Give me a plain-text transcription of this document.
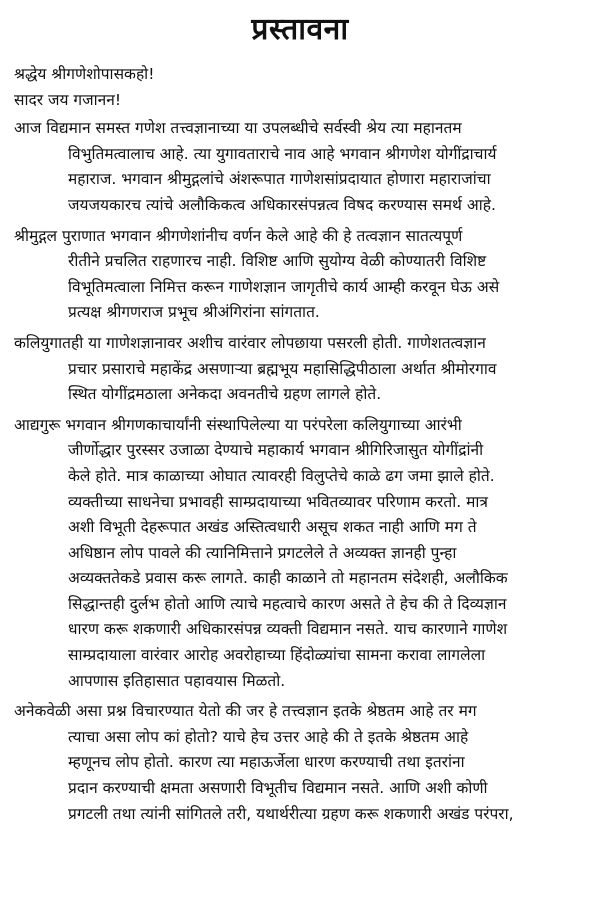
प्रस्तावना
श्रद्धेय श्रीगणेशोपासकहो!
सादर जय गजानन!
आज विद्यमान समस्त गणेश तत्त्वज्ञानाच्या या उपलब्धीचे सर्वस्वी श्रेय त्या महानतम
विभुतिमत्वालाच आहे. त्या युगावताराचे नाव आहे भगवान श्रीगणेश योगींद्राचार्य
महाराज. भगवान श्रीमुद्गलांचे अंशरूपात गाणेशसांप्रदायात होणारा महाराजांचा
जयजयकारच त्यांचे अलौकिकत्व अधिकारसंपन्नत्व विषद करण्यास समर्थ आहे.
श्रीमुद्गल पुराणात भगवान श्रीगणेशांनीच वर्णन केले आहे की हे तत्वज्ञान सातत्यपूर्ण
रीतीने प्रचलित राहणारच नाही. विशिष्ट आणि सुयोग्य वेळी कोण्यातरी विशिष्ट
विभूतिमत्वाला निमित्त करून गाणेशज्ञान जागृतीचे कार्य आम्ही करवून घेऊ असे
प्रत्यक्ष श्रीगणराज प्रभूच श्रीअंगिरांना सांगतात.
कलियुगातही या गाणेशज्ञानावर अशीच वारंवार लोपछाया पसरली होती. गाणेशतत्वज्ञान
प्रचार प्रसाराचे महाकेंद्र असणाऱ्या ब्रह्मभूय महासिद्धिपीठाला अर्थात श्रीमोरगाव
स्थित योगींद्रमठाला अनेकदा अवनतीचे ग्रहण लागले होते.
आद्यगुरू भगवान श्रीगणकाचार्यांनी संस्थापिलेल्या या परंपरेला कलियुगाच्या आरंभी
जीर्णोद्धार पुरस्सर उजाळा देण्याचे महाकार्य भगवान श्रीगिरिजासुत योगींद्रांनी
केले होते. मात्र काळाच्या ओघात त्यावरही विलुप्तेचे काळे ढग जमा झाले होते.
व्यक्तीच्या साधनेचा प्रभावही साम्प्रदायाच्या भवितव्यावर परिणाम करतो. मात्र
अशी विभूती देहरूपात अखंड अस्तित्वधारी असूच शकत नाही आणि मग ते
अधिष्ठान लोप पावले की त्यानिमित्ताने प्रगटलेले ते अव्यक्त ज्ञानही पुन्हा
अव्यक्ततेकडे प्रवास करू लागते. काही काळाने तो महानतम संदेशही, अलौकिक
सिद्धान्तही दुर्लभ होतो आणि त्याचे महत्वाचे कारण असते ते हेच की ते दिव्यज्ञान
धारण करू शकणारी अधिकारसंपन्न व्यक्ती विद्यमान नसते. याच कारणाने गाणेश
साम्प्रदायाला वारंवार आरोह अवरोहाच्या हिंदोळ्यांचा सामना करावा लागलेला
आपणास इतिहासात पहावयास मिळतो.
अनेकवेळी असा प्रश्न विचारण्यात येतो की जर हे तत्त्वज्ञान इतके श्रेष्ठतम आहे तर मग
त्याचा असा लोप कां होतो? याचे हेच उत्तर आहे की ते इतके श्रेष्ठतम आहे
म्हणूनच लोप होतो. कारण त्या महाऊर्जेला धारण करण्याची तथा इतरांना
प्रदान करण्याची क्षमता असणारी विभूतीच विद्यमान नसते. आणि अशी कोणी
प्रगटली तथा त्यांनी सांगितले तरी, यथार्थरीत्या ग्रहण करू शकणारी अखंड परंपरा,
